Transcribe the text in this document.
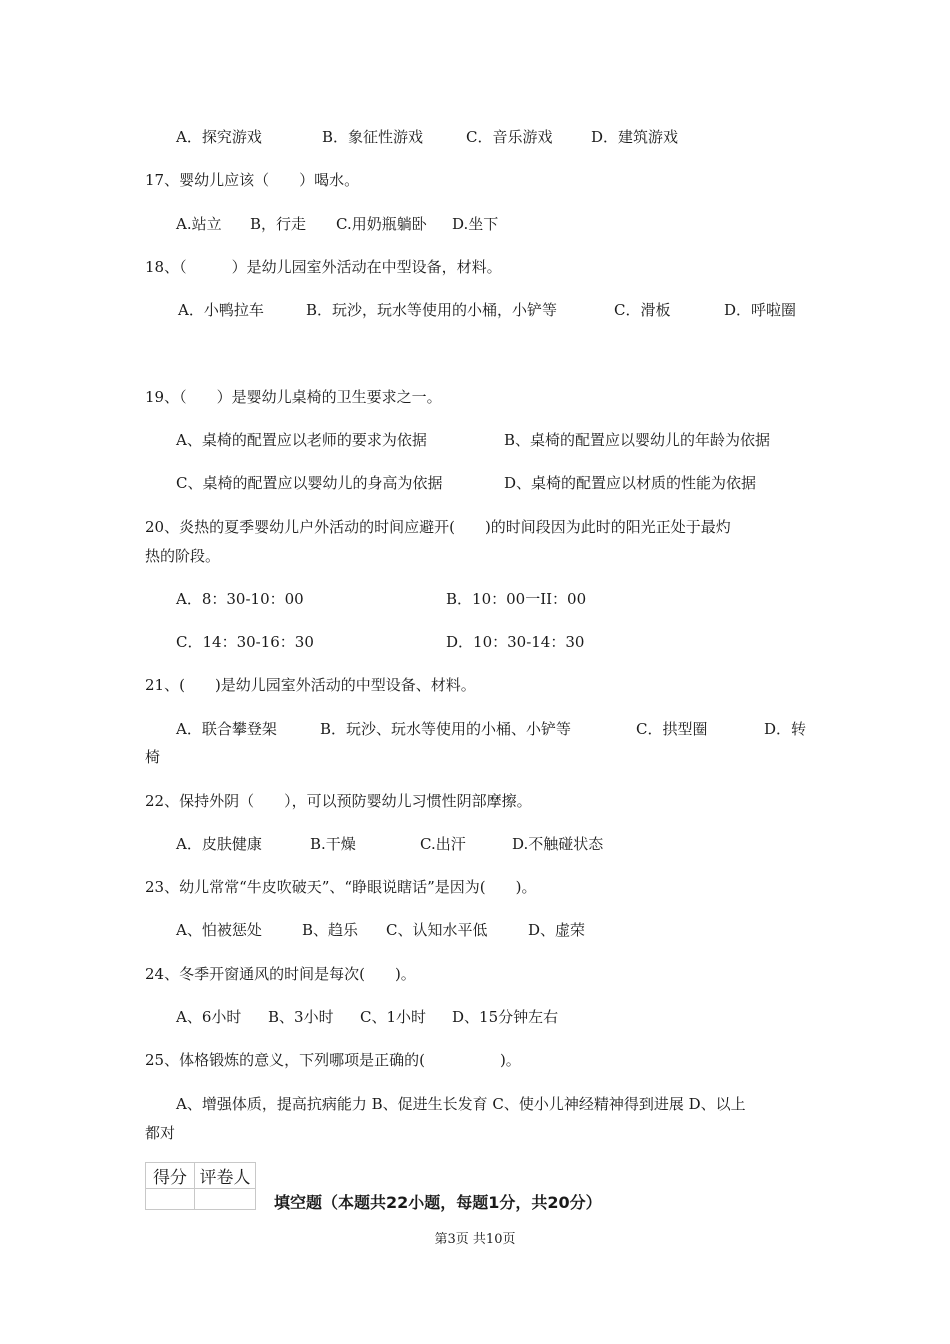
A．探究游戏	B．象征性游戏	C．音乐游戏	D．建筑游戏
17、婴幼儿应该（　　）喝水。
A.站立 B，行走 C.用奶瓶躺卧 D.坐下
18、（　　　）是幼儿园室外活动在中型设备，材料。
A．小鸭拉车	B．玩沙，玩水等使用的小桶，小铲等	C．滑板	D．呼啦圈
19、（　　）是婴幼儿桌椅的卫生要求之一。
A、桌椅的配置应以老师的要求为依据	B、桌椅的配置应以婴幼儿的年龄为依据
C、桌椅的配置应以婴幼儿的身高为依据	D、桌椅的配置应以材质的性能为依据
20、炎热的夏季婴幼儿户外活动的时间应避开(　　)的时间段因为此时的阳光正处于最灼
热的阶段。
A．8：30-10：00	B．10：00一II：00
C．14：30-16：30	D．10：30-14：30
21、(　　)是幼儿园室外活动的中型设备、材料。
A．联合攀登架	B．玩沙、玩水等使用的小桶、小铲等	C．拱型圈	D．转
椅
22、保持外阴（　　），可以预防婴幼儿习惯性阴部摩擦。
A．皮肤健康	B.干燥	C.出汗	D.不触碰状态
23、幼儿常常“牛皮吹破天”、“睁眼说瞎话”是因为(　　)。
A、怕被惩处	B、趋乐 C、认知水平低	D、虚荣
24、冬季开窗通风的时间是每次(　　)。
A、6小时 B、3小时 C、1小时 D、15分钟左右
25、体格锻炼的意义，下列哪项是正确的(　　　　　)。
A、增强体质，提高抗病能力 B、促进生长发育 C、使小儿神经精神得到进展 D、以上
都对
得分	评卷人

填空题（本题共22小题，每题1分，共20分）
第3页 共10页
